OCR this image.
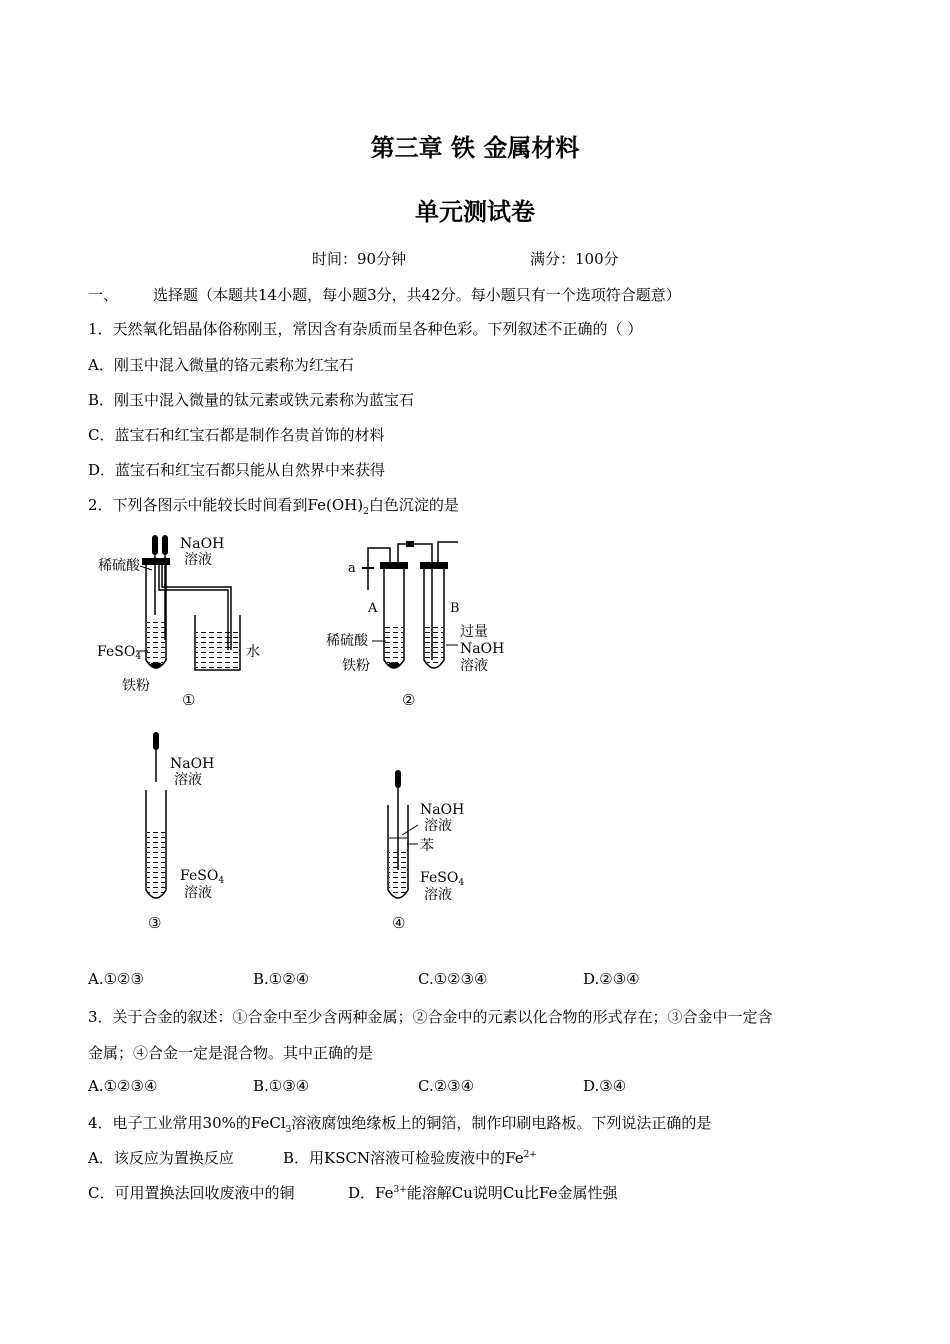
第三章 铁 金属材料
单元测试卷
时间：90分钟	满分：100分
一、 选择题（本题共14小题，每小题3分，共42分。每小题只有一个选项符合题意）
1．天然氧化铝晶体俗称刚玉，常因含有杂质而呈各种色彩。下列叙述不正确的（ ）
A．刚玉中混入微量的铬元素称为红宝石
B．刚玉中混入微量的钛元素或铁元素称为蓝宝石
C．蓝宝石和红宝石都是制作名贵首饰的材料
D．蓝宝石和红宝石都只能从自然界中来获得
2．下列各图示中能较长时间看到$Fe(OH)_2$白色沉淀的是
稀硫酸
NaOH
溶液
FeSO$_4$	水
铁粉
①
a
A	B
稀硫酸
铁粉
过量
NaOH
溶液
②
NaOH
溶液
FeSO$_4$
溶液
③
NaOH
溶液
苯
FeSO$_4$
溶液
④
A.①②③	B.①②④	C.①②③④	D.②③④
3．关于合金的叙述：①合金中至少含两种金属；②合金中的元素以化合物的形式存在；③合金中一定含
金属；④合金一定是混合物。其中正确的是
A.①②③④	B.①③④	C.②③④	D.③④
4．电子工业常用30%的FeCl$_3$溶液腐蚀绝缘板上的铜箔，制作印刷电路板。下列说法正确的是
A．该反应为置换反应	B．用KSCN溶液可检验废液中的$Fe^{2+}$
C．可用置换法回收废液中的铜	D．$Fe^{3+}$能溶解Cu说明Cu比Fe金属性强
